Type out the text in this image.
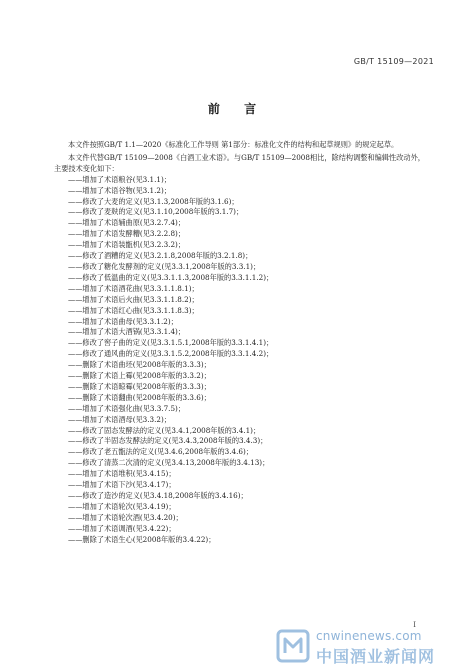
GB/T 15109—2021
前 言

本文件按照GB/T 1.1—2020《标准化工作导则 第1部分：标准化文件的结构和起草规则》的规定起草。

本文件代替GB/T 15109—2008《白酒工业术语》。与GB/T 15109—2008相比，除结构调整和编辑性改动外，主要技术变化如下：

——增加了术语粮谷(见3.1.1)；
——增加了术语谷物(见3.1.2)；
——修改了大麦的定义(见3.1.3,2008年版的3.1.6)；
——修改了麦麸的定义(见3.1.10,2008年版的3.1.7)；
——增加了术语辅曲原(见3.2.7.4)；
——增加了术语发酵糟(见3.2.2.8)；
——增加了术语装甑机(见3.2.3.2)；
——修改了酒糟的定义(见3.2.1.8,2008年版的3.2.1.8)；
——修改了糖化发酵剂的定义(见3.3.1,2008年版的3.3.1)；
——修改了低温曲的定义(见3.3.1.1.3,2008年版的3.3.1.1.2)；
——增加了术语酒花曲(见3.3.1.1.8.1)；
——增加了术语后火曲(见3.3.1.1.8.2)；
——增加了术语红心曲(见3.3.1.1.8.3)；
——增加了术语曲母(见3.3.1.2)；
——增加了术语大酒锅(见3.3.1.4)；
——修改了窖子曲的定义(见3.3.1.5.1,2008年版的3.3.1.4.1)；
——修改了通风曲的定义(见3.3.1.5.2,2008年版的3.3.1.4.2)；
——删除了术语曲坯(见2008年版的3.3.3)；
——删除了术语上霉(见2008年版的3.3.2)；
——删除了术语晾霉(见2008年版的3.3.3)；
——删除了术语翻曲(见2008年版的3.3.6)；
——增加了术语强化曲(见3.3.7.5)；
——增加了术语酒母(见3.3.2)；
——修改了固态发酵法的定义(见3.4.1,2008年版的3.4.1)；
——修改了半固态发酵法的定义(见3.4.3,2008年版的3.4.3)；
——修改了老五甑法的定义(见3.4.6,2008年版的3.4.6)；
——修改了清蒸二次清的定义(见3.4.13,2008年版的3.4.13)；
——增加了术语堆积(见3.4.15)；
——增加了术语下沙(见3.4.17)；
——修改了造沙的定义(见3.4.18,2008年版的3.4.16)；
——增加了术语轮次(见3.4.19)；
——增加了术语轮次酒(见3.4.20)；
——增加了术语调酒(见3.4.22)；
——删除了术语生心(见2008年版的3.4.22)；
I
cnwinenews.com
中国酒业新闻网
